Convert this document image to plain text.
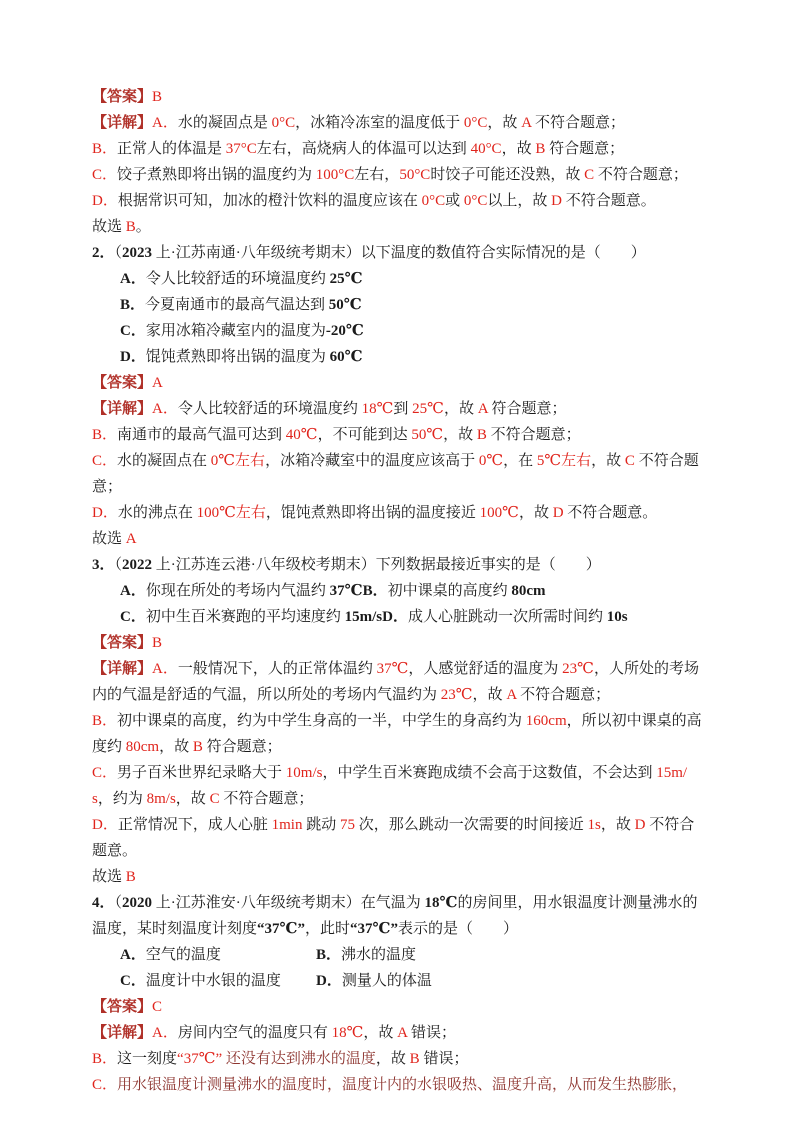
【答案】B
【详解】A．水的凝固点是 0°C，冰箱冷冻室的温度低于 0°C，故 A 不符合题意；
B．正常人的体温是 37°C左右，高烧病人的体温可以达到 40°C，故 B 符合题意；
C．饺子煮熟即将出锅的温度约为 100°C左右，50°C时饺子可能还没熟，故 C 不符合题意；
D．根据常识可知，加冰的橙汁饮料的温度应该在 0°C或 0°C以上，故 D 不符合题意。
故选 B。
2．（2023 上·江苏南通·八年级统考期末）以下温度的数值符合实际情况的是（　　）
A．令人比较舒适的环境温度约 25℃
B．今夏南通市的最高气温达到 50℃
C．家用冰箱冷藏室内的温度为-20℃
D．馄饨煮熟即将出锅的温度为 60℃
【答案】A
【详解】A．令人比较舒适的环境温度约 18℃到 25℃，故 A 符合题意；
B．南通市的最高气温可达到 40℃，不可能到达 50℃，故 B 不符合题意；
C．水的凝固点在 0℃左右，冰箱冷藏室中的温度应该高于 0℃，在 5℃左右，故 C 不符合题意；
D．水的沸点在 100℃左右，馄饨煮熟即将出锅的温度接近 100℃，故 D 不符合题意。
故选 A
3．（2022 上·江苏连云港·八年级校考期末）下列数据最接近事实的是（　　）
A．你现在所处的考场内气温约 37℃ B．初中课桌的高度约 80cm
C．初中生百米赛跑的平均速度约 15m/s D．成人心脏跳动一次所需时间约 10s
【答案】B
【详解】A．一般情况下，人的正常体温约 37℃，人感觉舒适的温度为 23℃，人所处的考场内的气温是舒适的气温，所以所处的考场内气温约为 23℃，故 A 不符合题意；
B．初中课桌的高度，约为中学生身高的一半，中学生的身高约为 160cm，所以初中课桌的高度约 80cm，故 B 符合题意；
C．男子百米世界纪录略大于 10m/s，中学生百米赛跑成绩不会高于这数值，不会达到 15m/s，约为 8m/s，故 C 不符合题意；
D．正常情况下，成人心脏 1min 跳动 75 次，那么跳动一次需要的时间接近 1s，故 D 不符合题意。
故选 B
4．（2020 上·江苏淮安·八年级统考期末）在气温为 18℃的房间里，用水银温度计测量沸水的温度，某时刻温度计刻度“37℃”，此时“37℃”表示的是（　　）
A．空气的温度	B．沸水的温度
C．温度计中水银的温度	D．测量人的体温
【答案】C
【详解】A．房间内空气的温度只有 18℃，故 A 错误；
B．这一刻度“37℃” 还没有达到沸水的温度，故 B 错误；
C．用水银温度计测量沸水的温度时，温度计内的水银吸热、温度升高，从而发生热膨胀，
